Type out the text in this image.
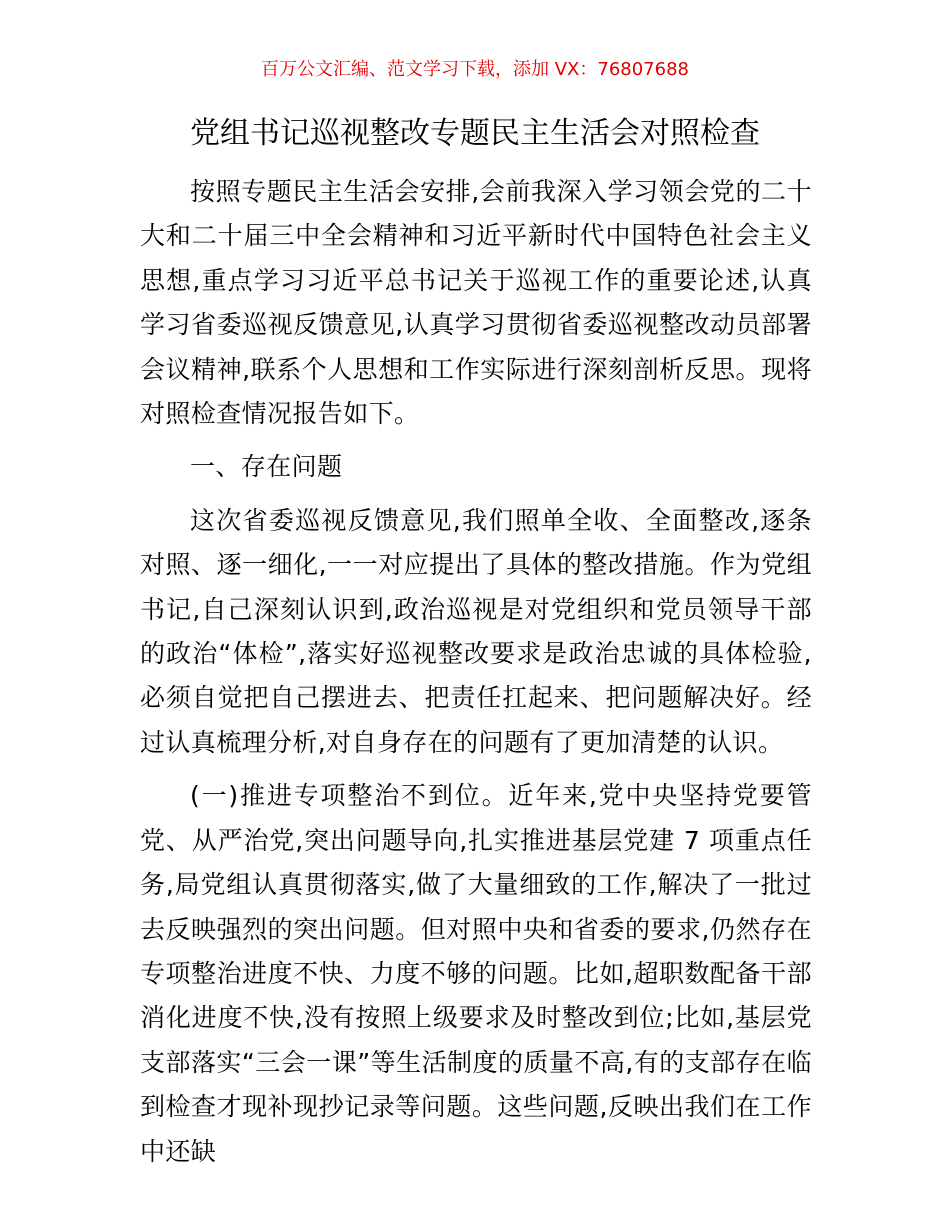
百万公文汇编、范文学习下载，添加 VX：76807688
党组书记巡视整改专题民主生活会对照检查

按照专题民主生活会安排,会前我深入学习领会党的二十大和二十届三中全会精神和习近平新时代中国特色社会主义思想,重点学习习近平总书记关于巡视工作的重要论述,认真学习省委巡视反馈意见,认真学习贯彻省委巡视整改动员部署会议精神,联系个人思想和工作实际进行深刻剖析反思。现将对照检查情况报告如下。

一、存在问题

这次省委巡视反馈意见,我们照单全收、全面整改,逐条对照、逐一细化,一一对应提出了具体的整改措施。作为党组书记,自己深刻认识到,政治巡视是对党组织和党员领导干部的政治“体检”,落实好巡视整改要求是政治忠诚的具体检验,必须自觉把自己摆进去、把责任扛起来、把问题解决好。经过认真梳理分析,对自身存在的问题有了更加清楚的认识。

(一)推进专项整治不到位。近年来,党中央坚持党要管党、从严治党,突出问题导向,扎实推进基层党建 7 项重点任务,局党组认真贯彻落实,做了大量细致的工作,解决了一批过去反映强烈的突出问题。但对照中央和省委的要求,仍然存在专项整治进度不快、力度不够的问题。比如,超职数配备干部消化进度不快,没有按照上级要求及时整改到位;比如,基层党支部落实“三会一课”等生活制度的质量不高,有的支部存在临到检查才现补现抄记录等问题。这些问题,反映出我们在工作中还缺
